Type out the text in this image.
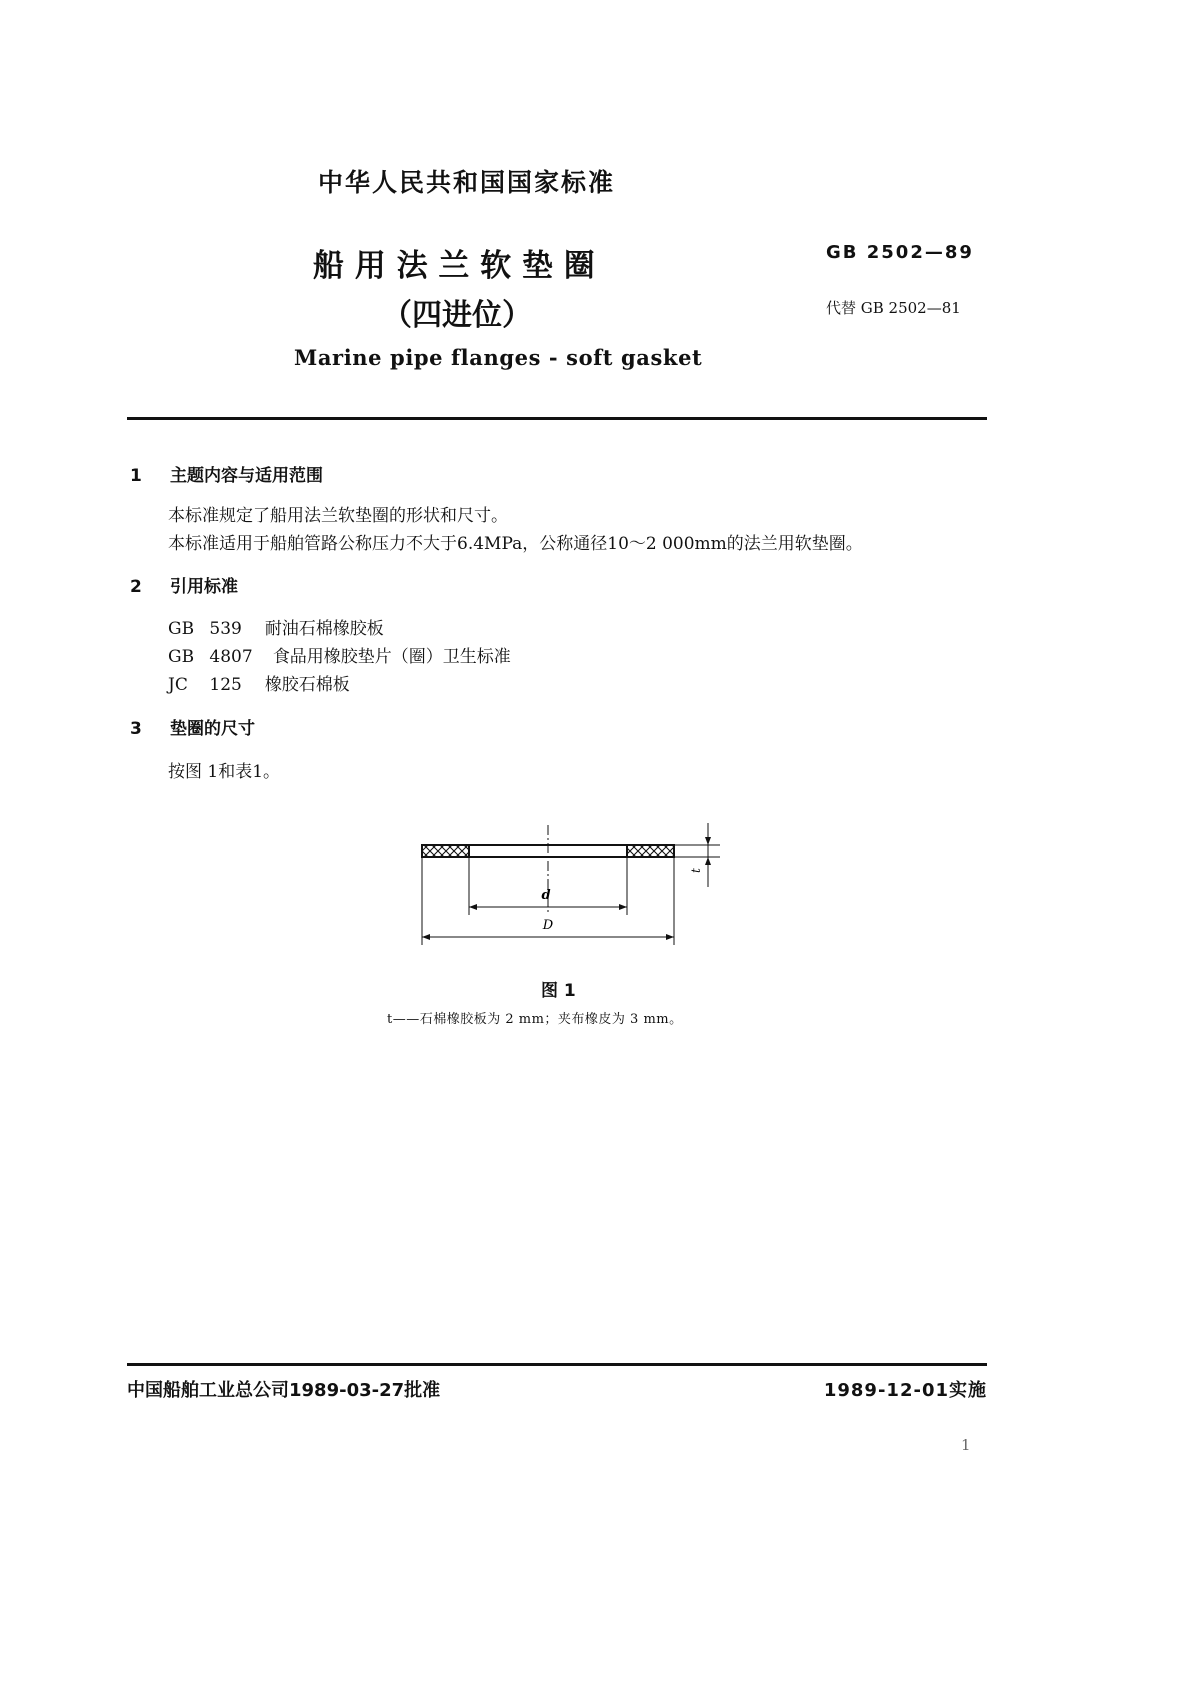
中华人民共和国国家标准
船 用 法 兰 软 垫 圈
（四进位）
Marine pipe flanges - soft gasket
GB 2502—89
代替 GB 2502—81
1 主题内容与适用范围
本标准规定了船用法兰软垫圈的形状和尺寸。
本标准适用于船舶管路公称压力不大于6.4MPa，公称通径10～2 000mm的法兰用软垫圈。
2 引用标准
GB 539 耐油石棉橡胶板
GB 4807 食品用橡胶垫片（圈）卫生标准
JC 125 橡胶石棉板
3 垫圈的尺寸
按图 1和表1。
d
D
t
图 1
t——石棉橡胶板为 2 mm；夹布橡皮为 3 mm。
中国船舶工业总公司1989-03-27批准	1989-12-01实施
1
